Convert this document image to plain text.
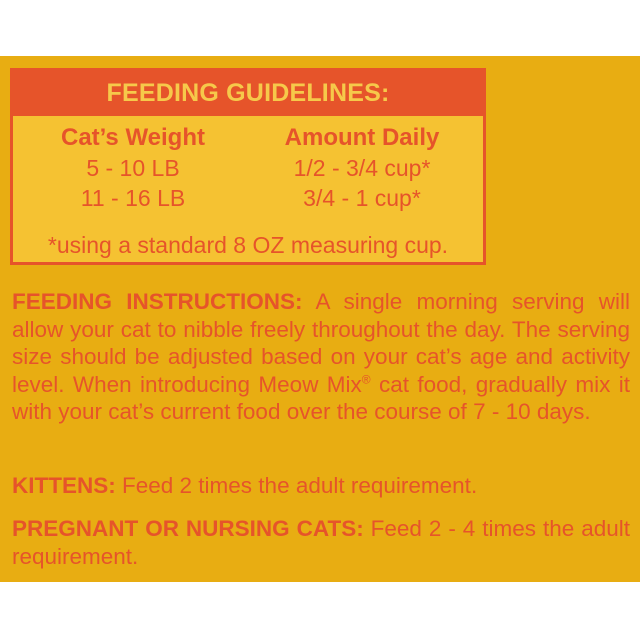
FEEDING GUIDELINES:
Cat’s Weight
5 - 10 LB
11 - 16 LB
Amount Daily
1/2 - 3/4 cup*
3/4 - 1 cup*
*using a standard 8 OZ measuring cup.
FEEDING INSTRUCTIONS: A single morning serving will allow your cat to nibble freely throughout the day. The serving size should be adjusted based on your cat’s age and activity level. When introducing Meow Mix® cat food, gradually mix it with your cat’s current food over the course of 7 - 10 days.
KITTENS: Feed 2 times the adult requirement.
PREGNANT OR NURSING CATS: Feed 2 - 4 times the adult requirement.
